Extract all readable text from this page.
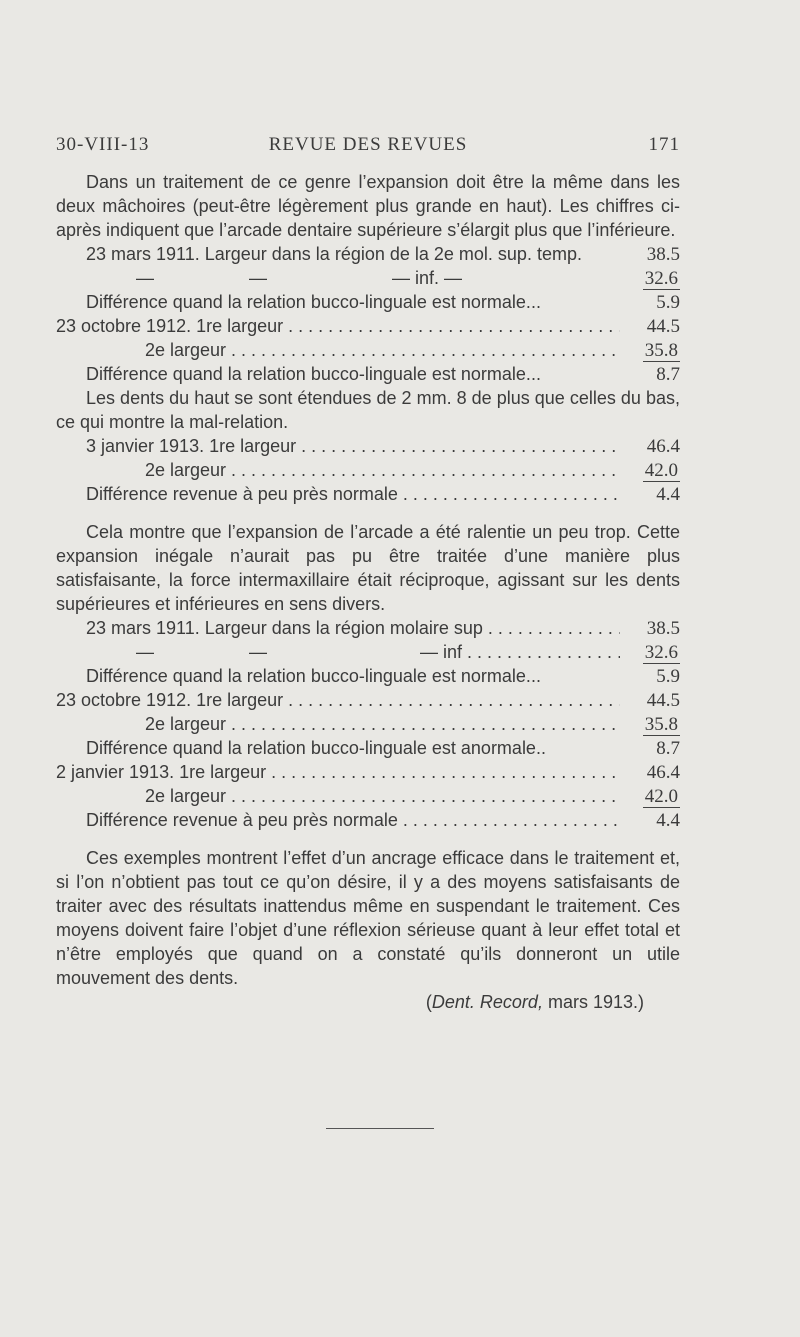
30-VIII-13	REVUE DES REVUES	171

Dans un traitement de ce genre l’expansion doit être la même dans les deux mâchoires (peut-être légèrement plus grande en haut). Les chiffres ci-après indiquent que l’arcade dentaire supérieure s’élargit plus que l’inférieure.

23 mars 1911. Largeur dans la région de la 2e mol. sup. temp.	38.5
—	—	— inf. —	32.6
Différence quand la relation bucco-linguale est normale...	5.9
23 octobre 1912. 1re largeur . . .	44.5
2e largeur . . .	35.8
Différence quand la relation bucco-linguale est normale...	8.7

Les dents du haut se sont étendues de 2 mm. 8 de plus que celles du bas, ce qui montre la mal-relation.

3 janvier 1913. 1re largeur . . .	46.4
2e largeur . . .	42.0
Différence revenue à peu près normale . . .	4.4

Cela montre que l’expansion de l’arcade a été ralentie un peu trop. Cette expansion inégale n’aurait pas pu être traitée d’une manière plus satisfaisante, la force intermaxillaire était réciproque, agissant sur les dents supérieures et inférieures en sens divers.

23 mars 1911. Largeur dans la région molaire sup . . .	38.5
—	—	— inf . . .	32.6
Différence quand la relation bucco-linguale est normale...	5.9
23 octobre 1912. 1re largeur . . .	44.5
2e largeur . . .	35.8
Différence quand la relation bucco-linguale est anormale..	8.7
2 janvier 1913. 1re largeur . . .	46.4
2e largeur . . .	42.0
Différence revenue à peu près normale . . .	4.4

Ces exemples montrent l’effet d’un ancrage efficace dans le traitement et, si l’on n’obtient pas tout ce qu’on désire, il y a des moyens satisfaisants de traiter avec des résultats inattendus même en suspendant le traitement. Ces moyens doivent faire l’objet d’une réflexion sérieuse quant à leur effet total et n’être employés que quand on a constaté qu’ils donneront un utile mouvement des dents.

(Dent. Record, mars 1913.)
